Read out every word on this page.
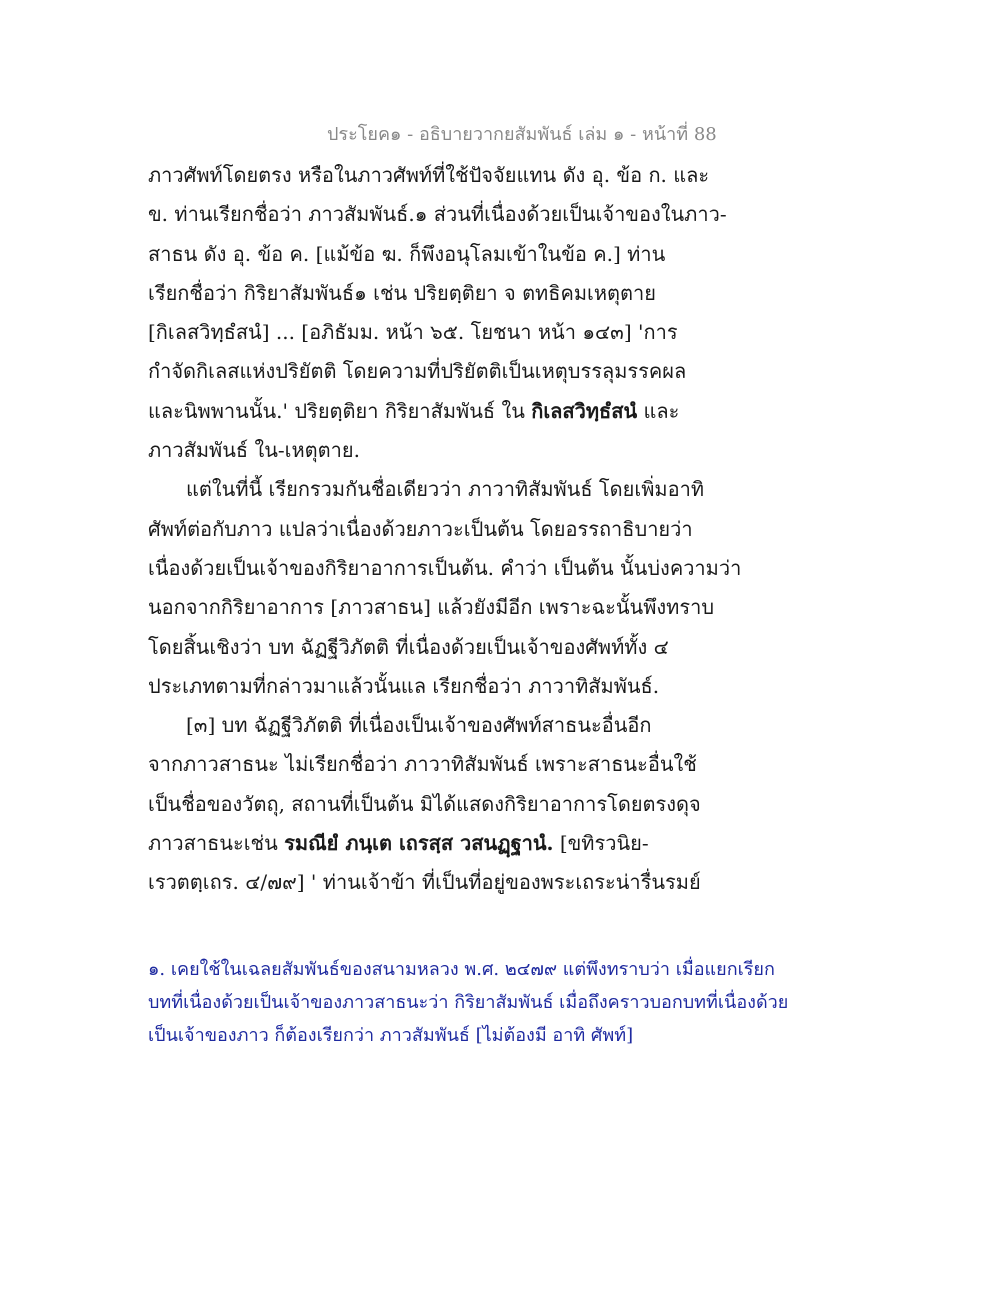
ประโยค๑ - อธิบายวากยสัมพันธ์ เล่ม ๑ - หน้าที่ 88
ภาวศัพท์โดยตรง หรือในภาวศัพท์ที่ใช้ปัจจัยแทน ดัง อุ. ข้อ ก. และ
ข. ท่านเรียกชื่อว่า ภาวสัมพันธ์.๑ ส่วนที่เนื่องด้วยเป็นเจ้าของในภาว-
สาธน ดัง อุ. ข้อ ค. [แม้ข้อ ฆ. ก็พึงอนุโลมเข้าในข้อ ค.] ท่าน
เรียกชื่อว่า กิริยาสัมพันธ์๑ เช่น ปริยตฺติยา จ ตทธิคมเหตุตาย
[กิเลสวิทฺธํสนํ] ... [อภิธัมม. หน้า ๖๕. โยชนา หน้า ๑๔๓] 'การ
กำจัดกิเลสแห่งปริยัตติ โดยความที่ปริยัตติเป็นเหตุบรรลุมรรคผล
และนิพพานนั้น.' ปริยตฺติยา กิริยาสัมพันธ์ ใน กิเลสวิทฺธํสนํ และ
ภาวสัมพันธ์ ใน-เหตุตาย.
แต่ในที่นี้ เรียกรวมกันชื่อเดียวว่า ภาวาทิสัมพันธ์ โดยเพิ่มอาทิ
ศัพท์ต่อกับภาว แปลว่าเนื่องด้วยภาวะเป็นต้น โดยอรรถาธิบายว่า
เนื่องด้วยเป็นเจ้าของกิริยาอาการเป็นต้น. คำว่า เป็นต้น นั้นบ่งความว่า
นอกจากกิริยาอาการ [ภาวสาธน] แล้วยังมีอีก เพราะฉะนั้นพึงทราบ
โดยสิ้นเชิงว่า บท ฉัฏฐีวิภัตติ ที่เนื่องด้วยเป็นเจ้าของศัพท์ทั้ง ๔
ประเภทตามที่กล่าวมาแล้วนั้นแล เรียกชื่อว่า ภาวาทิสัมพันธ์.
[๓] บท ฉัฏฐีวิภัตติ ที่เนื่องเป็นเจ้าของศัพท์สาธนะอื่นอีก
จากภาวสาธนะ ไม่เรียกชื่อว่า ภาวาทิสัมพันธ์ เพราะสาธนะอื่นใช้
เป็นชื่อของวัตถุ, สถานที่เป็นต้น มิได้แสดงกิริยาอาการโดยตรงดุจ
ภาวสาธนะเช่น รมณียํ ภนฺเต เถรสฺส วสนฏฺฐานํ. [ขทิรวนิย-
เรวตตฺเถร. ๔/๗๙] ' ท่านเจ้าข้า ที่เป็นที่อยู่ของพระเถระน่ารื่นรมย์
๑. เคยใช้ในเฉลยสัมพันธ์ของสนามหลวง พ.ศ. ๒๔๗๙ แต่พึงทราบว่า เมื่อแยกเรียก
บทที่เนื่องด้วยเป็นเจ้าของภาวสาธนะว่า กิริยาสัมพันธ์ เมื่อถึงคราวบอกบทที่เนื่องด้วย
เป็นเจ้าของภาว ก็ต้องเรียกว่า ภาวสัมพันธ์ [ไม่ต้องมี อาทิ ศัพท์]
